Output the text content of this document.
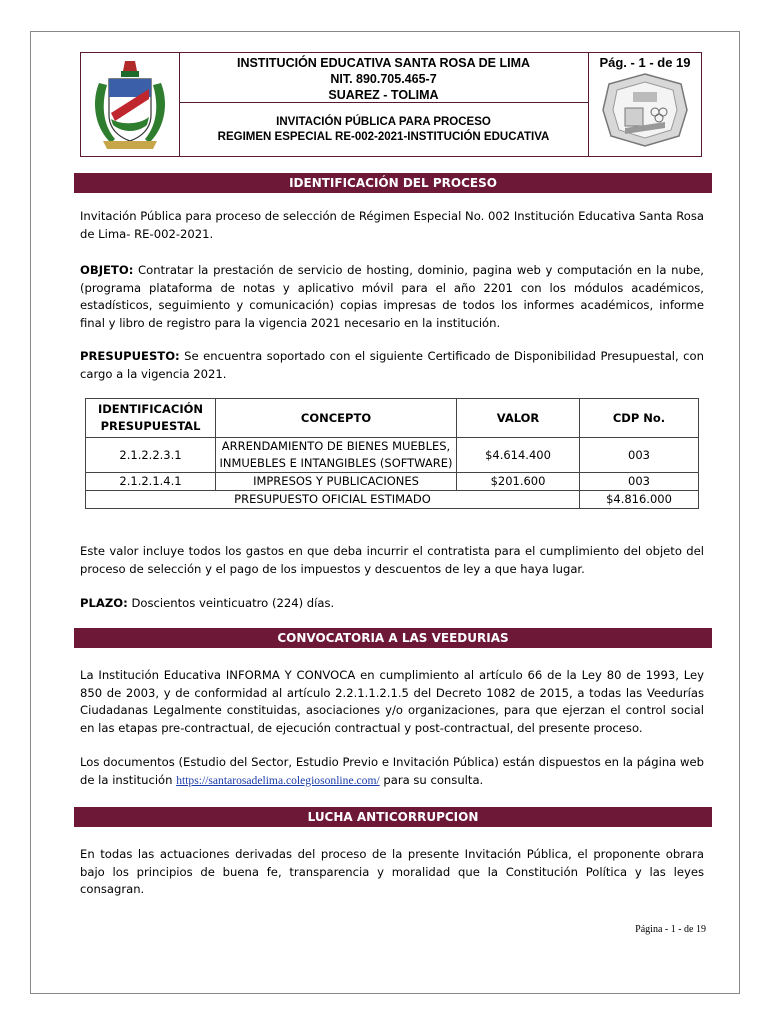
INSTITUCIÓN EDUCATIVA SANTA ROSA DE LIMA
NIT. 890.705.465-7
SUAREZ - TOLIMA
INVITACIÓN PÚBLICA PARA PROCESO
REGIMEN ESPECIAL RE-002-2021-INSTITUCIÓN EDUCATIVA
Pág. - 1 - de 19
IDENTIFICACIÓN DEL PROCESO
Invitación Pública para proceso de selección de Régimen Especial No. 002 Institución Educativa Santa Rosa de Lima- RE-002-2021.
OBJETO: Contratar la prestación de servicio de hosting, dominio, pagina web y computación en la nube, (programa plataforma de notas y aplicativo móvil para el año 2201 con los módulos académicos, estadísticos, seguimiento y comunicación) copias impresas de todos los informes académicos, informe final y libro de registro para la vigencia 2021 necesario en la institución.
PRESUPUESTO: Se encuentra soportado con el siguiente Certificado de Disponibilidad Presupuestal, con cargo a la vigencia 2021.
IDENTIFICACIÓN PRESUPUESTAL	CONCEPTO	VALOR	CDP No.
2.1.2.2.3.1	ARRENDAMIENTO DE BIENES MUEBLES, INMUEBLES E INTANGIBLES (SOFTWARE)	$4.614.400	003
2.1.2.1.4.1	IMPRESOS Y PUBLICACIONES	$201.600	003
PRESUPUESTO OFICIAL ESTIMADO			$4.816.000
Este valor incluye todos los gastos en que deba incurrir el contratista para el cumplimiento del objeto del proceso de selección y el pago de los impuestos y descuentos de ley a que haya lugar.
PLAZO: Doscientos veinticuatro (224) días.
CONVOCATORIA A LAS VEEDURIAS
La Institución Educativa INFORMA Y CONVOCA en cumplimiento al artículo 66 de la Ley 80 de 1993, Ley 850 de 2003, y de conformidad al artículo 2.2.1.1.2.1.5 del Decreto 1082 de 2015, a todas las Veedurías Ciudadanas Legalmente constituidas, asociaciones y/o organizaciones, para que ejerzan el control social en las etapas pre-contractual, de ejecución contractual y post-contractual, del presente proceso.
Los documentos (Estudio del Sector, Estudio Previo e Invitación Pública) están dispuestos en la página web de la institución https://santarosadelima.colegiosonline.com/ para su consulta.
LUCHA ANTICORRUPCION
En todas las actuaciones derivadas del proceso de la presente Invitación Pública, el proponente obrara bajo los principios de buena fe, transparencia y moralidad que la Constitución Política y las leyes consagran.
Página - 1 - de 19
